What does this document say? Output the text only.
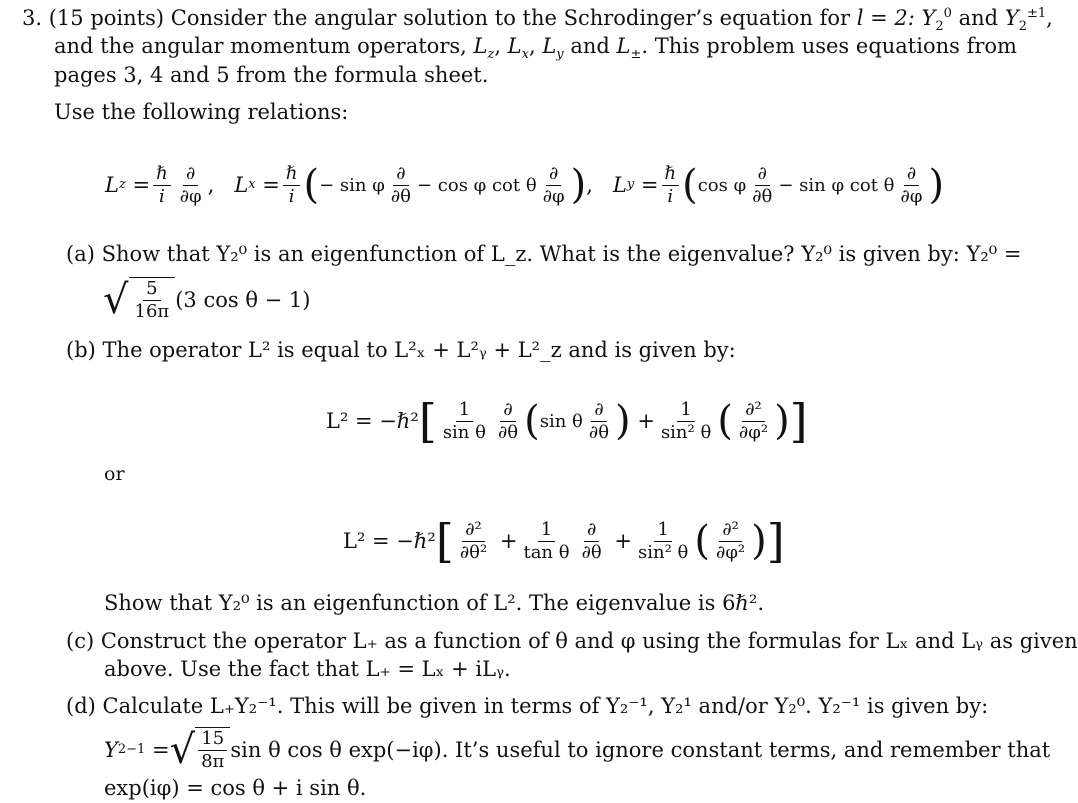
3. (15 points) Consider the angular solution to the Schrodinger’s equation for l = 2: $Y_2^0$ and $Y_2^{\pm 1}$,
and the angular momentum operators, $L_z$, $L_x$, $L_y$ and $L_\pm$. This problem uses equations from
pages 3, 4 and 5 from the formula sheet.
Use the following relations:
L $z = \frac{\text{ℏ}}{i} \frac{\partial}{\partial\varphi}$ , L $x = \frac{\text{ℏ}}{i}$ ( − sin φ $\frac{\partial}{\partial\theta} - \cos \varphi$ cot θ $\frac{\partial}{\partial\varphi}$ ) , L $y = \frac{\text{ℏ}}{i}$ ( cos φ $\frac{\partial}{\partial\theta} - \sin \varphi$ cot θ $\frac{\partial}{\partial\varphi}$ )
(a) Show that Y₂⁰ is an eigenfunction of L_z. What is the eigenvalue? Y₂⁰ is given by: Y₂⁰ =
√ $\frac{5}{16\pi} (3$ cos θ − 1)
(b) The operator L² is equal to L²ₓ + L²ᵧ + L²_z and is given by:
L² = −ℏ² [ $\frac{1}{\text{sin θ}} \frac{\partial}{\partial\theta}$ ( sin θ $\frac{\partial}{\partial\theta}$ ) + $\frac{1}{\text{sin² θ}}$ ( $\frac{\text{∂²}}{\text{∂φ²}}$ ) ]
or
L² = −ℏ² [ $\frac{\text{∂²}}{\text{∂θ²}} + \frac{1}{\text{tan θ}} \frac{\partial}{\partial\theta} + \frac{1}{\text{sin² θ}}$ ( $\frac{\text{∂²}}{\text{∂φ²}}$ ) ]
Show that Y₂⁰ is an eigenfunction of L². The eigenvalue is 6ℏ².
(c) Construct the operator L₊ as a function of θ and φ using the formulas for Lₓ and Lᵧ as given
above. Use the fact that L₊ = Lₓ + iLᵧ.
(d) Calculate L₊Y₂⁻¹. This will be given in terms of Y₂⁻¹, Y₂¹ and/or Y₂⁰. Y₂⁻¹ is given by:
Y 2 −1 = √ $\frac{15}{8\pi}$ sin θ cos θ exp(−iφ). It’s useful to ignore constant terms, and remember that
exp(iφ) = cos θ + i sin θ.
